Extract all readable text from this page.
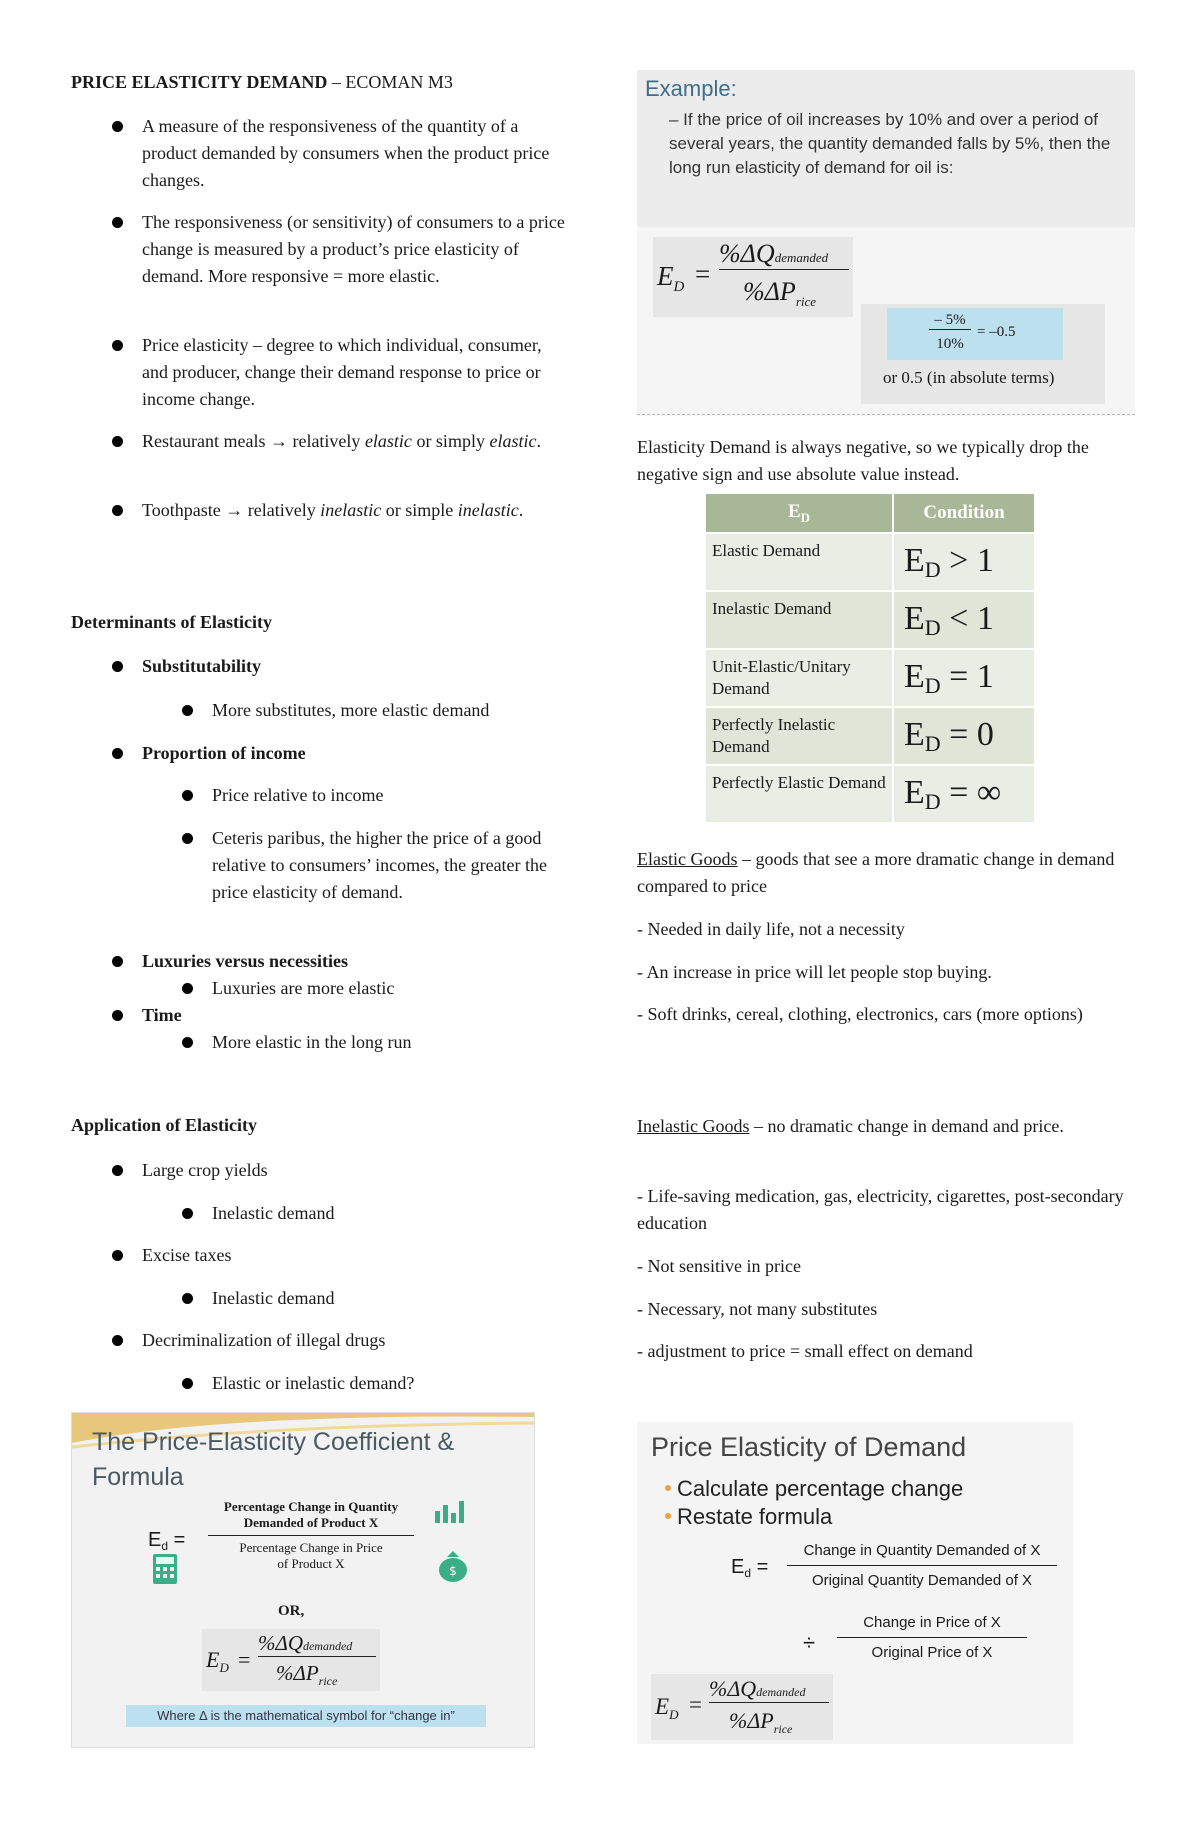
PRICE ELASTICITY DEMAND – ECOMAN M3
A measure of the responsiveness of the quantity of a product demanded by consumers when the product price changes.
The responsiveness (or sensitivity) of consumers to a price change is measured by a product’s price elasticity of demand. More responsive = more elastic.
Price elasticity – degree to which individual, consumer, and producer, change their demand response to price or income change.
Restaurant meals → relatively elastic or simply elastic.
Toothpaste → relatively inelastic or simple inelastic.
Determinants of Elasticity
Substitutability
More substitutes, more elastic demand
Proportion of income
Price relative to income
Ceteris paribus, the higher the price of a good relative to consumers’ incomes, the greater the price elasticity of demand.
Luxuries versus necessities
Luxuries are more elastic
Time
More elastic in the long run
Application of Elasticity
Large crop yields
Inelastic demand
Excise taxes
Inelastic demand
Decriminalization of illegal drugs
Elastic or inelastic demand?
The Price-Elasticity Coefficient & Formula
$E_d$ =
Percentage Change in Quantity
Demanded of Product X
Percentage Change in Price
of Product X	$
OR,
$E_D$ =
%ΔQdemanded
$\%\Delta P_{rice}$
Where Δ is the mathematical symbol for “change in”
Example:
– If the price of oil increases by 10% and over a period of several years, the quantity demanded falls by 5%, then the long run elasticity of demand for oil is:
$E_D$ =
%ΔQdemanded
$\%\Delta P_{rice}$
– 5%
10%
= –0.5
or 0.5 (in absolute terms)
Elasticity Demand is always negative, so we typically drop the negative sign and use absolute value instead.
$E_D$	Condition
Elastic Demand	$E_D > 1$
Inelastic Demand	$E_D < 1$
Unit-Elastic/Unitary Demand	$E_D = 1$
Perfectly Inelastic Demand	$E_D = 0$
Perfectly Elastic Demand	$E_D$ = ∞
Elastic Goods – goods that see a more dramatic change in demand compared to price
- Needed in daily life, not a necessity
- An increase in price will let people stop buying.
- Soft drinks, cereal, clothing, electronics, cars (more options)
Inelastic Goods – no dramatic change in demand and price.
- Life-saving medication, gas, electricity, cigarettes, post-secondary education
- Not sensitive in price
- Necessary, not many substitutes
- adjustment to price = small effect on demand
Price Elasticity of Demand
Calculate percentage change
Restate formula
$E_d$ =
Change in Quantity Demanded of X
Original Quantity Demanded of X
÷
Change in Price of X
Original Price of X
$E_D$ =
%ΔQdemanded
$\%\Delta P_{rice}$
